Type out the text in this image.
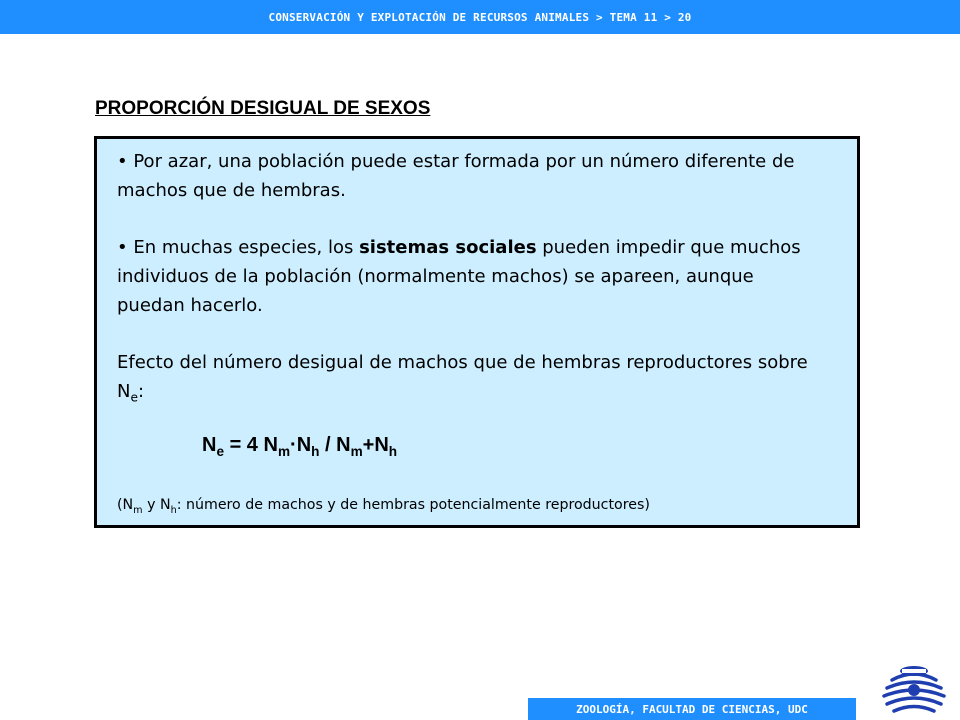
CONSERVACIÓN Y EXPLOTACIÓN DE RECURSOS ANIMALES > TEMA 11 > 20
PROPORCIÓN DESIGUAL DE SEXOS
• Por azar, una población puede estar formada por un número diferente de machos que de hembras.
• En muchas especies, los sistemas sociales pueden impedir que muchos individuos de la población (normalmente machos) se apareen, aunque puedan hacerlo.
Efecto del número desigual de machos que de hembras reproductores sobre $N_e$:
$N_e = 4$ $N_m\cdot N_h / N_m+N_h$
($N_m$ y $N_h$: número de machos y de hembras potencialmente reproductores)
ZOOLOGÍA, FACULTAD DE CIENCIAS, UDC
